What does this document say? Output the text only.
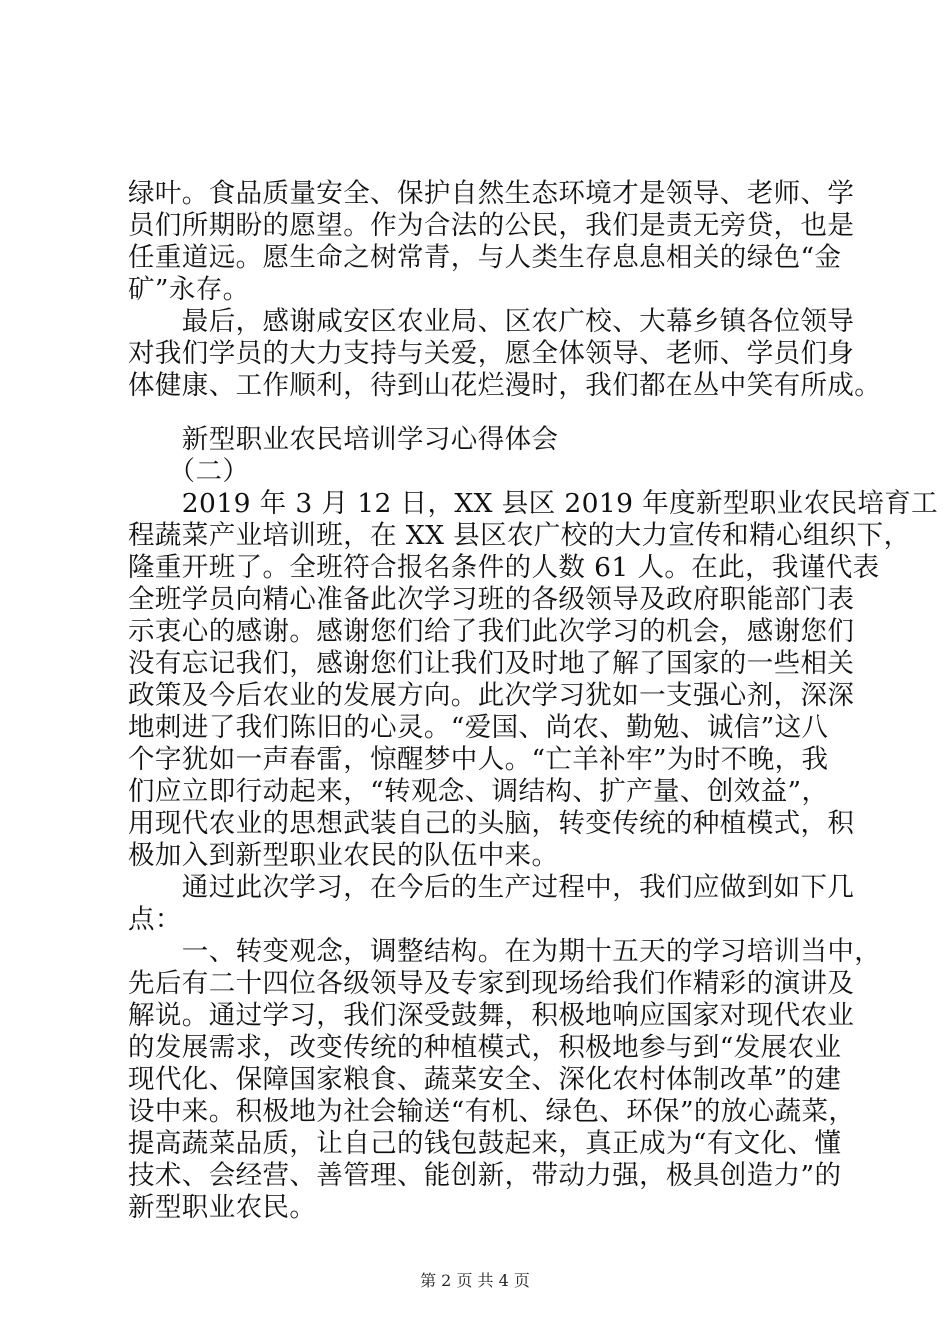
绿叶。食品质量安全、保护自然生态环境才是领导、老师、学
员们所期盼的愿望。作为合法的公民，我们是责无旁贷，也是
任重道远。愿生命之树常青，与人类生存息息相关的绿色“金
矿”永存。
　　最后，感谢咸安区农业局、区农广校、大幕乡镇各位领导
对我们学员的大力支持与关爱，愿全体领导、老师、学员们身
体健康、工作顺利，待到山花烂漫时，我们都在丛中笑有所成。
　　新型职业农民培训学习心得体会
　　（二）
　　2019 年 3 月 12 日，XX 县区 2019 年度新型职业农民培育工
程蔬菜产业培训班，在 XX 县区农广校的大力宣传和精心组织下，
隆重开班了。全班符合报名条件的人数 61 人。在此，我谨代表
全班学员向精心准备此次学习班的各级领导及政府职能部门表
示衷心的感谢。感谢您们给了我们此次学习的机会，感谢您们
没有忘记我们，感谢您们让我们及时地了解了国家的一些相关
政策及今后农业的发展方向。此次学习犹如一支强心剂，深深
地刺进了我们陈旧的心灵。“爱国、尚农、勤勉、诚信”这八
个字犹如一声春雷，惊醒梦中人。“亡羊补牢”为时不晚，我
们应立即行动起来，“转观念、调结构、扩产量、创效益”，
用现代农业的思想武装自己的头脑，转变传统的种植模式，积
极加入到新型职业农民的队伍中来。
　　通过此次学习，在今后的生产过程中，我们应做到如下几
点：
　　一、转变观念，调整结构。在为期十五天的学习培训当中，
先后有二十四位各级领导及专家到现场给我们作精彩的演讲及
解说。通过学习，我们深受鼓舞，积极地响应国家对现代农业
的发展需求，改变传统的种植模式，积极地参与到“发展农业
现代化、保障国家粮食、蔬菜安全、深化农村体制改革”的建
设中来。积极地为社会输送“有机、绿色、环保”的放心蔬菜，
提高蔬菜品质，让自己的钱包鼓起来，真正成为“有文化、懂
技术、会经营、善管理、能创新，带动力强，极具创造力”的
新型职业农民。
第 2 页 共 4 页
